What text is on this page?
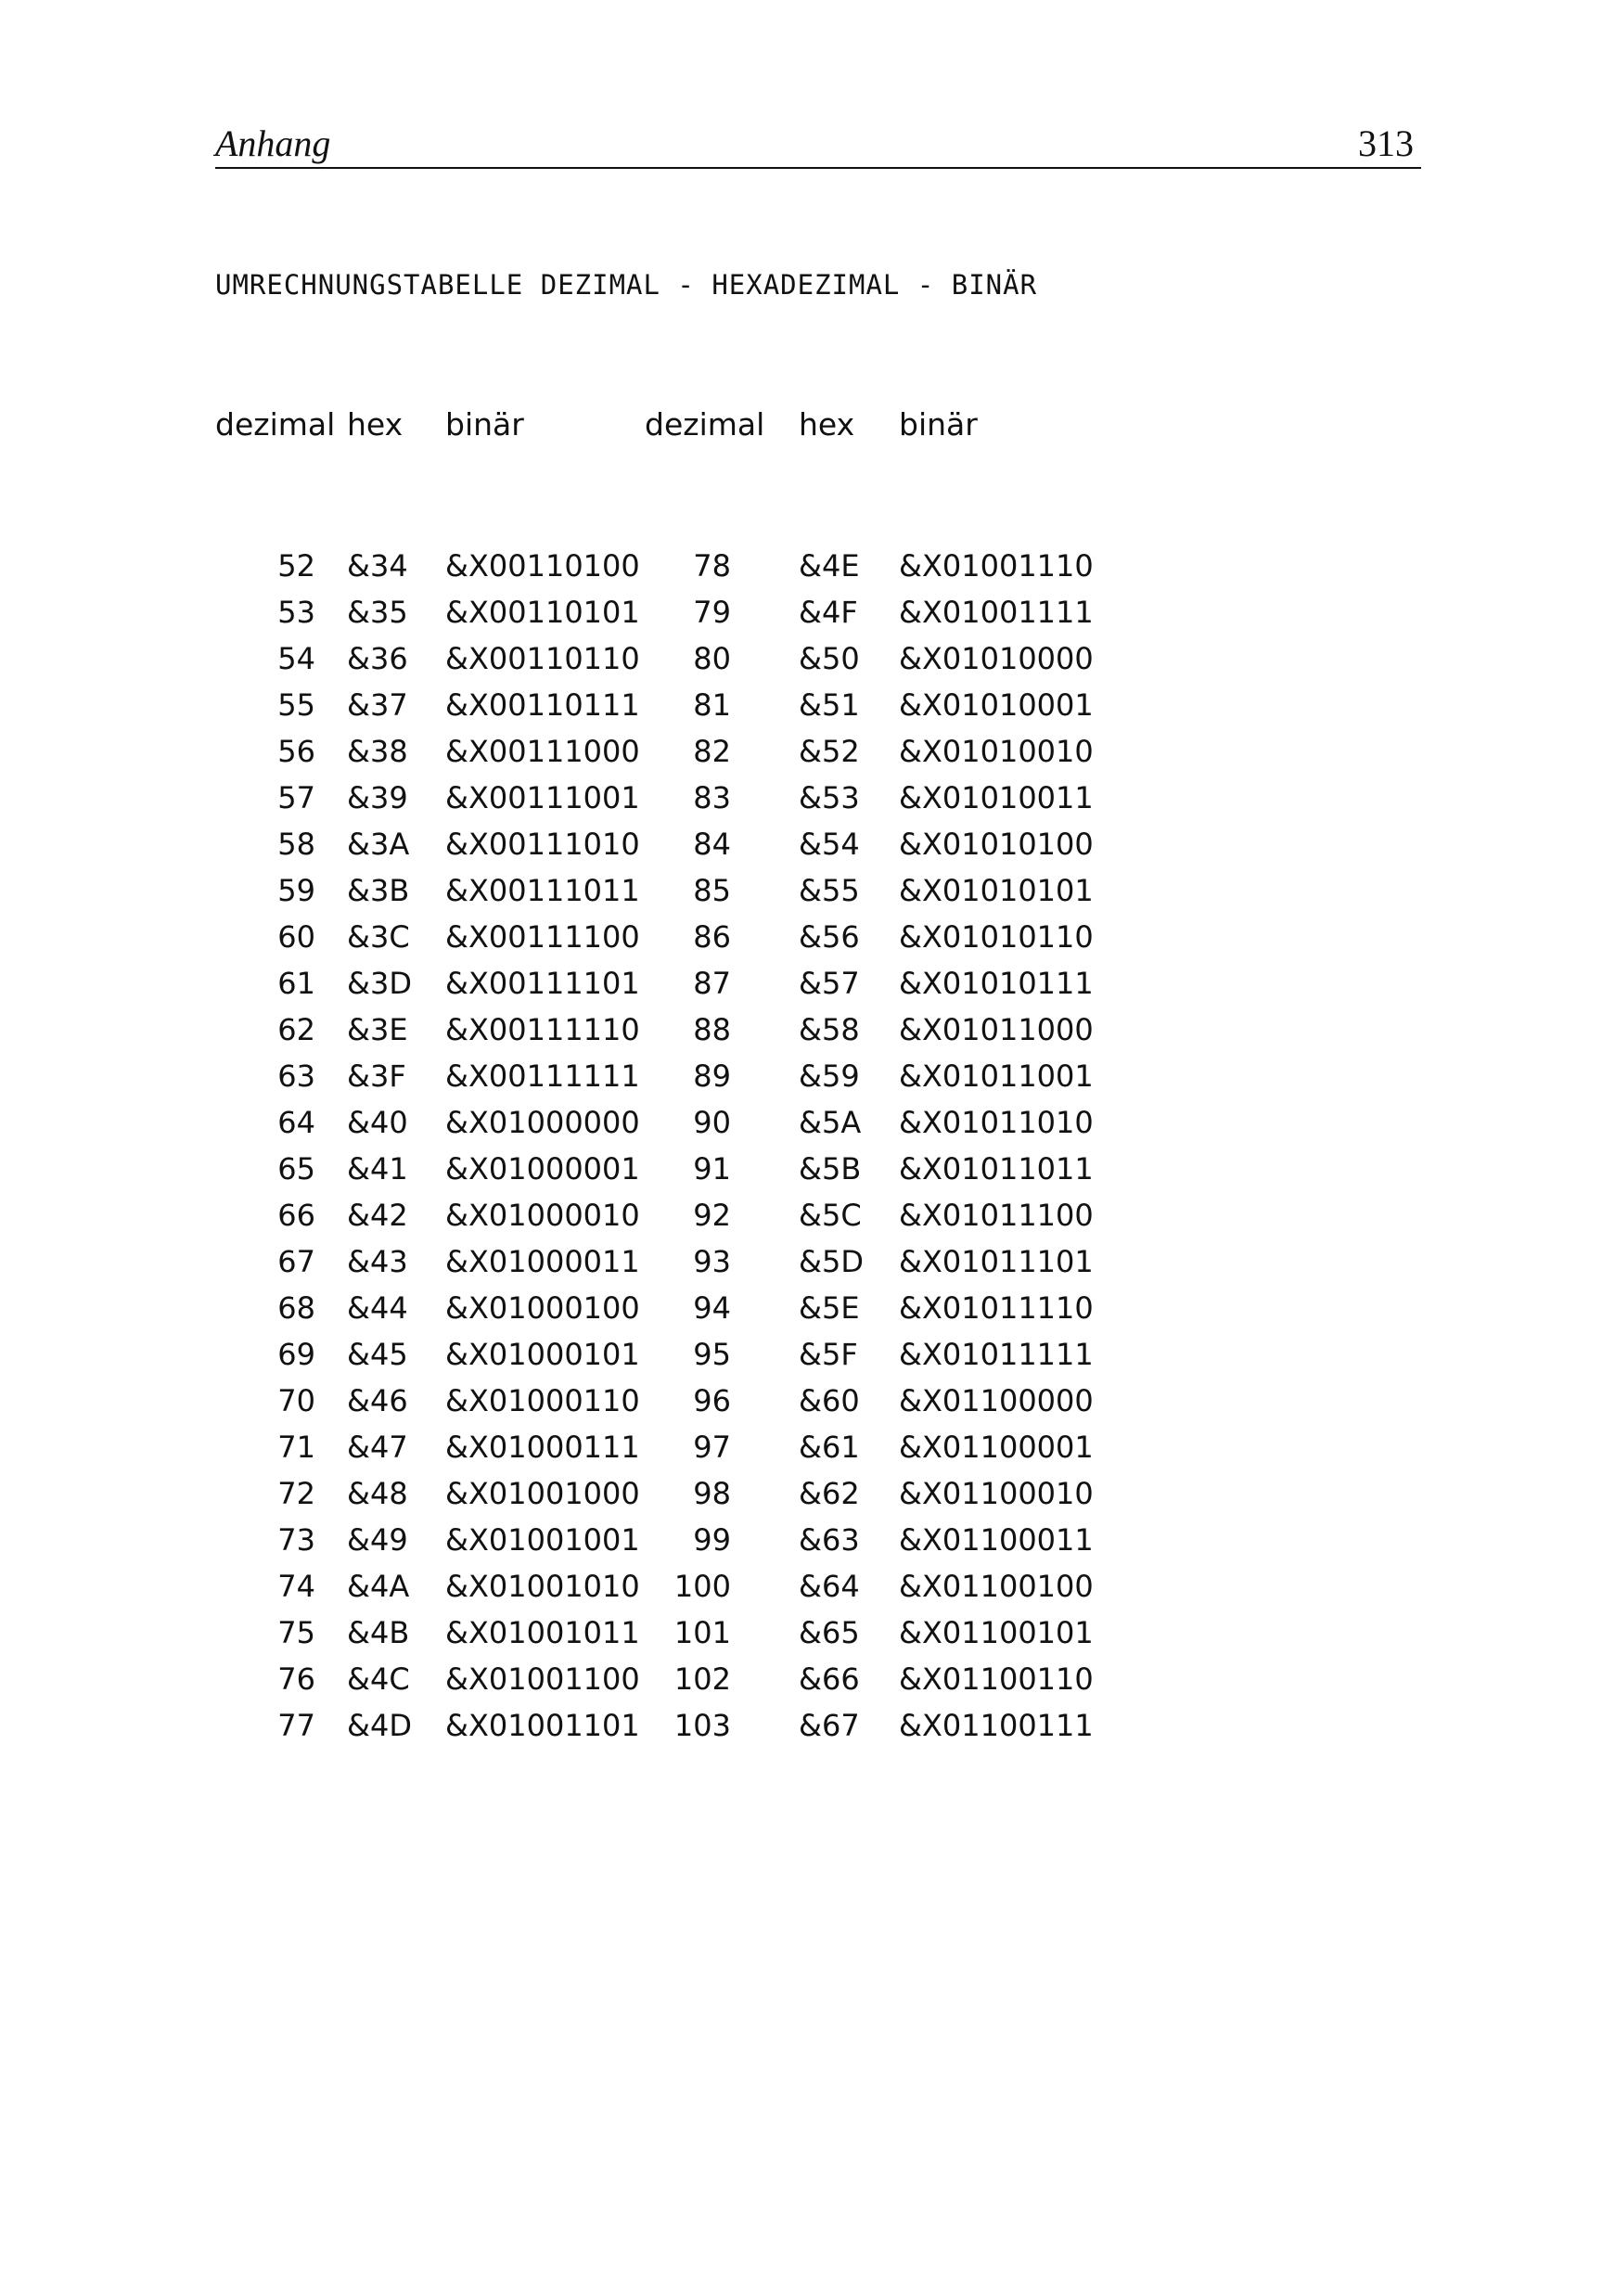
Anhang	313
UMRECHNUNGSTABELLE DEZIMAL - HEXADEZIMAL - BINÄR
dezimal hex binär	dezimal hex binär
52 &34 &X00110100 78 &4E &X01001110
53 &35 &X00110101 79 &4F &X01001111
54 &36 &X00110110 80 &50 &X01010000
55 &37 &X00110111 81 &51 &X01010001
56 &38 &X00111000 82 &52 &X01010010
57 &39 &X00111001 83 &53 &X01010011
58 &3A &X00111010 84 &54 &X01010100
59 &3B &X00111011 85 &55 &X01010101
60 &3C &X00111100 86 &56 &X01010110
61 &3D &X00111101 87 &57 &X01010111
62 &3E &X00111110 88 &58 &X01011000
63 &3F &X00111111 89 &59 &X01011001
64 &40 &X01000000 90 &5A &X01011010
65 &41 &X01000001 91 &5B &X01011011
66 &42 &X01000010 92 &5C &X01011100
67 &43 &X01000011 93 &5D &X01011101
68 &44 &X01000100 94 &5E &X01011110
69 &45 &X01000101 95 &5F &X01011111
70 &46 &X01000110 96 &60 &X01100000
71 &47 &X01000111 97 &61 &X01100001
72 &48 &X01001000 98 &62 &X01100010
73 &49 &X01001001 99 &63 &X01100011
74 &4A &X01001010 100 &64 &X01100100
75 &4B &X01001011 101 &65 &X01100101
76 &4C &X01001100 102 &66 &X01100110
77 &4D &X01001101 103 &67 &X01100111
